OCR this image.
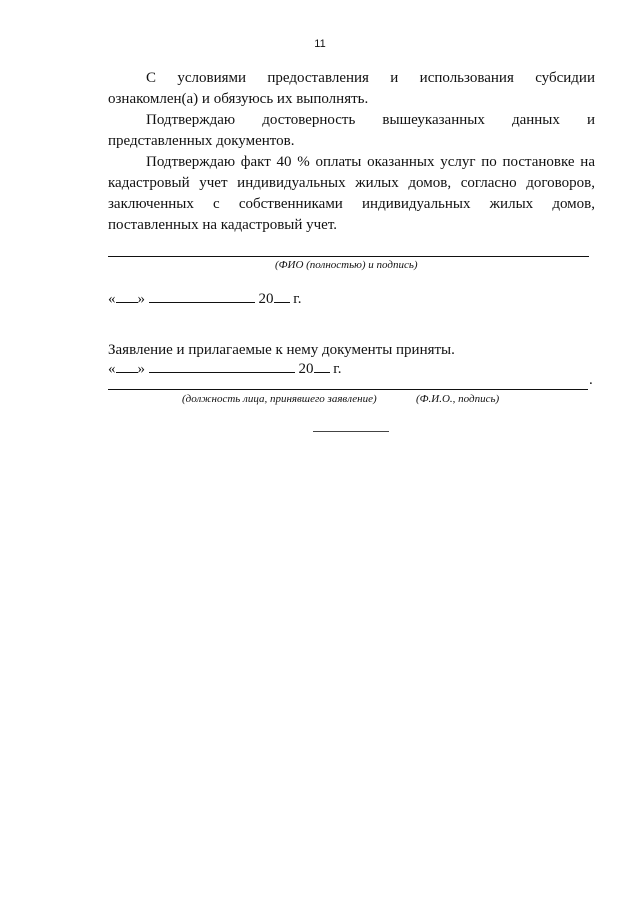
11

С условиями предоставления и использования субсидии ознакомлен(а) и обязуюсь их выполнять.

Подтверждаю достоверность вышеуказанных данных и представленных документов.

Подтверждаю факт 40 % оплаты оказанных услуг по постановке на кадастровый учет индивидуальных жилых домов, согласно договоров, заключенных с собственниками индивидуальных жилых домов, поставленных на кадастровый учет.

(ФИО (полностью) и подпись)
« »	20 г.
Заявление и прилагаемые к нему документы приняты.
« »	20 г.
.
(должность лица, принявшего заявление)	(Ф.И.О., подпись)
